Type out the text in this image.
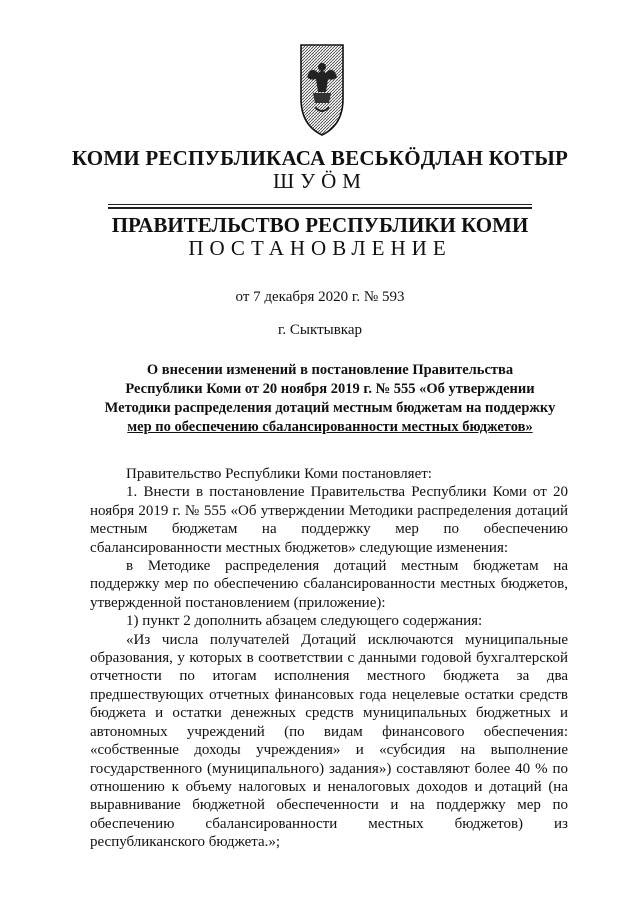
КОМИ РЕСПУБЛИКАСА ВЕСЬКӦДЛАН КОТЫР
ШУӦМ
ПРАВИТЕЛЬСТВО РЕСПУБЛИКИ КОМИ
ПОСТАНОВЛЕНИЕ
от 7 декабря 2020 г. № 593
г. Сыктывкар
О внесении изменений в постановление Правительства
Республики Коми от 20 ноября 2019 г. № 555 «Об утверждении
Методики распределения дотаций местным бюджетам на поддержку
мер по обеспечению сбалансированности местных бюджетов»

Правительство Республики Коми постановляет:

1. Внести в постановление Правительства Республики Коми от 20 ноября 2019 г. № 555 «Об утверждении Методики распределения дотаций местным бюджетам на поддержку мер по обеспечению сбалансированности местных бюджетов» следующие изменения:

в Методике распределения дотаций местным бюджетам на поддержку мер по обеспечению сбалансированности местных бюджетов, утвержденной постановлением (приложение):

1) пункт 2 дополнить абзацем следующего содержания:

«Из числа получателей Дотаций исключаются муниципальные образования, у которых в соответствии с данными годовой бухгалтерской отчетности по итогам исполнения местного бюджета за два предшествующих отчетных финансовых года нецелевые остатки средств бюджета и остатки денежных средств муниципальных бюджетных и автономных учреждений (по видам финансового обеспечения: «собственные доходы учреждения» и «субсидия на выполнение государственного (муниципального) задания») составляют более 40 % по отношению к объему налоговых и неналоговых доходов и дотаций (на выравнивание бюджетной обеспеченности и на поддержку мер по обеспечению сбалансированности местных бюджетов) из республиканского бюджета.»;
